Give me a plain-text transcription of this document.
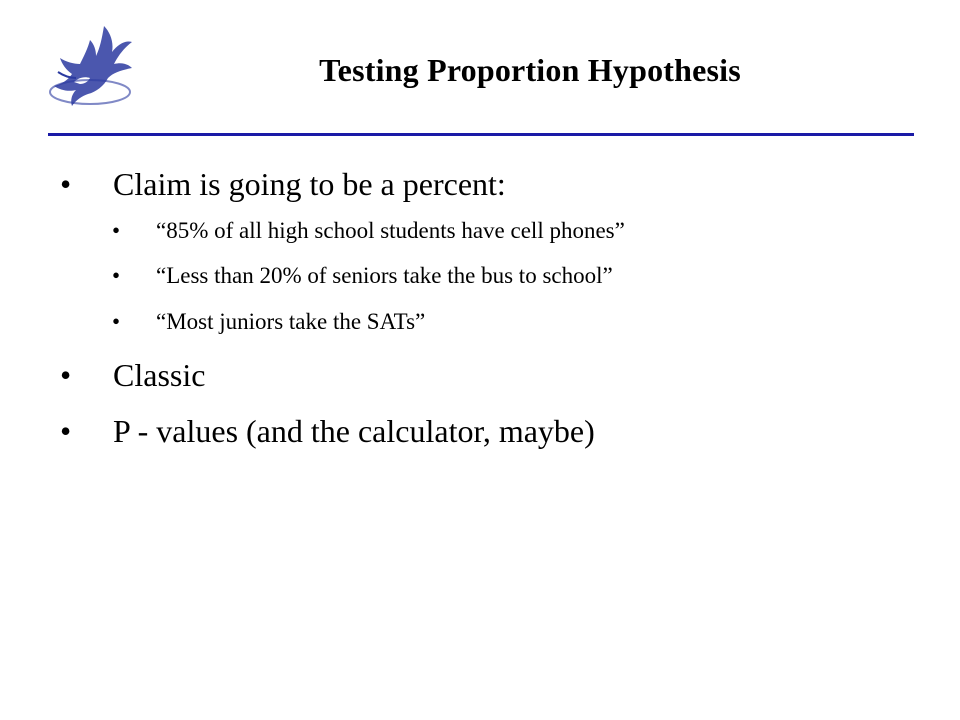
Testing Proportion Hypothesis
• Claim is going to be a percent:
• “85% of all high school students have cell phones”
• “Less than 20% of seniors take the bus to school”
• “Most juniors take the SATs”
• Classic
• P - values (and the calculator, maybe)
